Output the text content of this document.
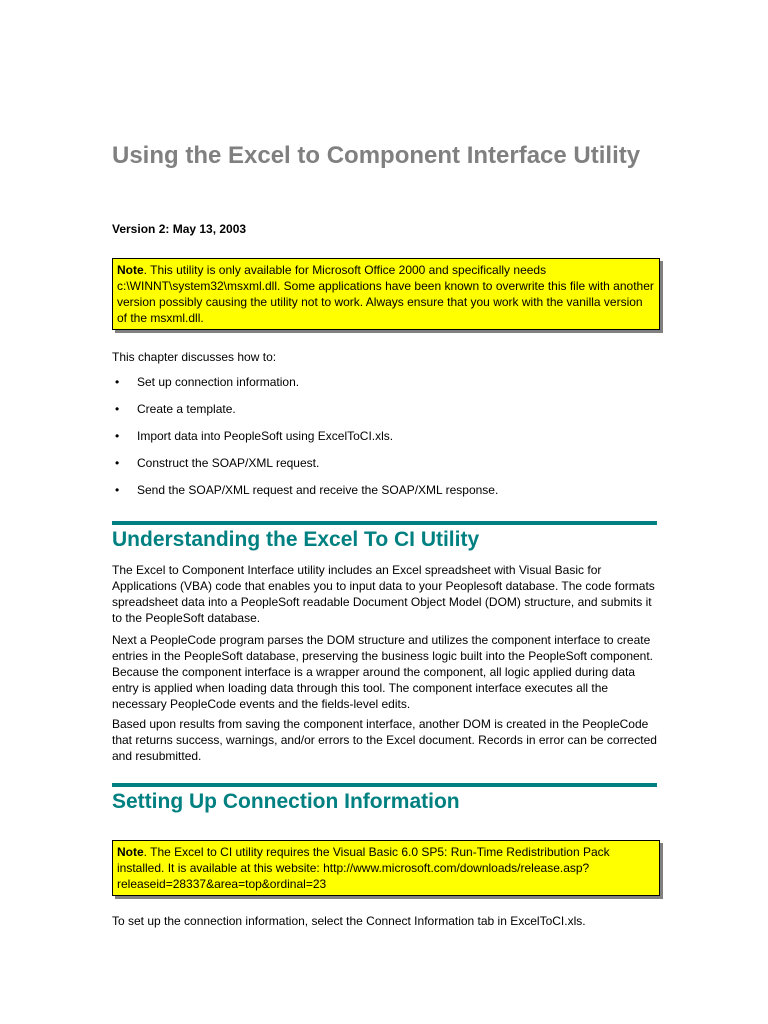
Using the Excel to Component Interface Utility
Version 2: May 13, 2003
Note. This utility is only available for Microsoft Office 2000 and specifically needs c:\WINNT\system32\msxml.dll. Some applications have been known to overwrite this file with another version possibly causing the utility not to work. Always ensure that you work with the vanilla version of the msxml.dll.

This chapter discusses how to:

• Set up connection information.
• Create a template.
• Import data into PeopleSoft using ExcelToCI.xls.
• Construct the SOAP/XML request.
• Send the SOAP/XML request and receive the SOAP/XML response.
Understanding the Excel To CI Utility

The Excel to Component Interface utility includes an Excel spreadsheet with Visual Basic for Applications (VBA) code that enables you to input data to your Peoplesoft database. The code formats spreadsheet data into a PeopleSoft readable Document Object Model (DOM) structure, and submits it to the PeopleSoft database.

Next a PeopleCode program parses the DOM structure and utilizes the component interface to create entries in the PeopleSoft database, preserving the business logic built into the PeopleSoft component. Because the component interface is a wrapper around the component, all logic applied during data entry is applied when loading data through this tool. The component interface executes all the necessary PeopleCode events and the fields-level edits.

Based upon results from saving the component interface, another DOM is created in the PeopleCode that returns success, warnings, and/or errors to the Excel document. Records in error can be corrected and resubmitted.

Setting Up Connection Information
Note. The Excel to CI utility requires the Visual Basic 6.0 SP5: Run-Time Redistribution Pack installed. It is available at this website: http://www.microsoft.com/downloads/release.asp?releaseid=28337&area=top&ordinal=23

To set up the connection information, select the Connect Information tab in ExcelToCI.xls.
